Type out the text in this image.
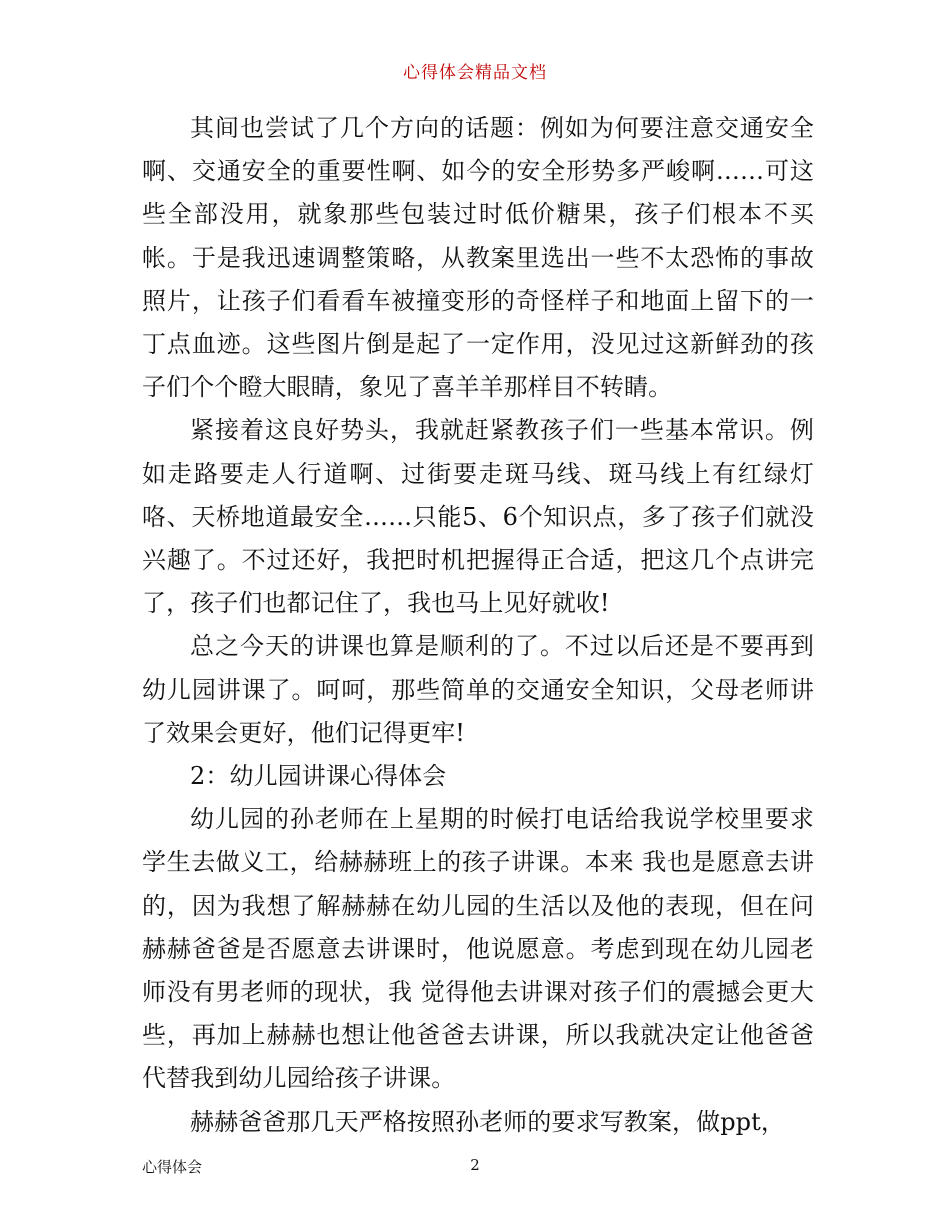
心得体会精品文档

其间也尝试了几个方向的话题：例如为何要注意交通安全啊、交通安全的重要性啊、如今的安全形势多严峻啊……可这些全部没用，就象那些包装过时低价糖果，孩子们根本不买帐。于是我迅速调整策略，从教案里选出一些不太恐怖的事故照片，让孩子们看看车被撞变形的奇怪样子和地面上留下的一丁点血迹。这些图片倒是起了一定作用，没见过这新鲜劲的孩子们个个瞪大眼睛，象见了喜羊羊那样目不转睛。

紧接着这良好势头，我就赶紧教孩子们一些基本常识。例如走路要走人行道啊、过街要走斑马线、斑马线上有红绿灯咯、天桥地道最安全……只能5、6个知识点，多了孩子们就没兴趣了。不过还好，我把时机把握得正合适，把这几个点讲完了，孩子们也都记住了，我也马上见好就收!

总之今天的讲课也算是顺利的了。不过以后还是不要再到幼儿园讲课了。呵呵，那些简单的交通安全知识，父母老师讲了效果会更好，他们记得更牢!

2：幼儿园讲课心得体会

幼儿园的孙老师在上星期的时候打电话给我说学校里要求学生去做义工，给赫赫班上的孩子讲课。本来 我也是愿意去讲的，因为我想了解赫赫在幼儿园的生活以及他的表现，但在问赫赫爸爸是否愿意去讲课时，他说愿意。考虑到现在幼儿园老师没有男老师的现状，我 觉得他去讲课对孩子们的震撼会更大些，再加上赫赫也想让他爸爸去讲课，所以我就决定让他爸爸代替我到幼儿园给孩子讲课。

赫赫爸爸那几天严格按照孙老师的要求写教案，做ppt，

心得体会	2
